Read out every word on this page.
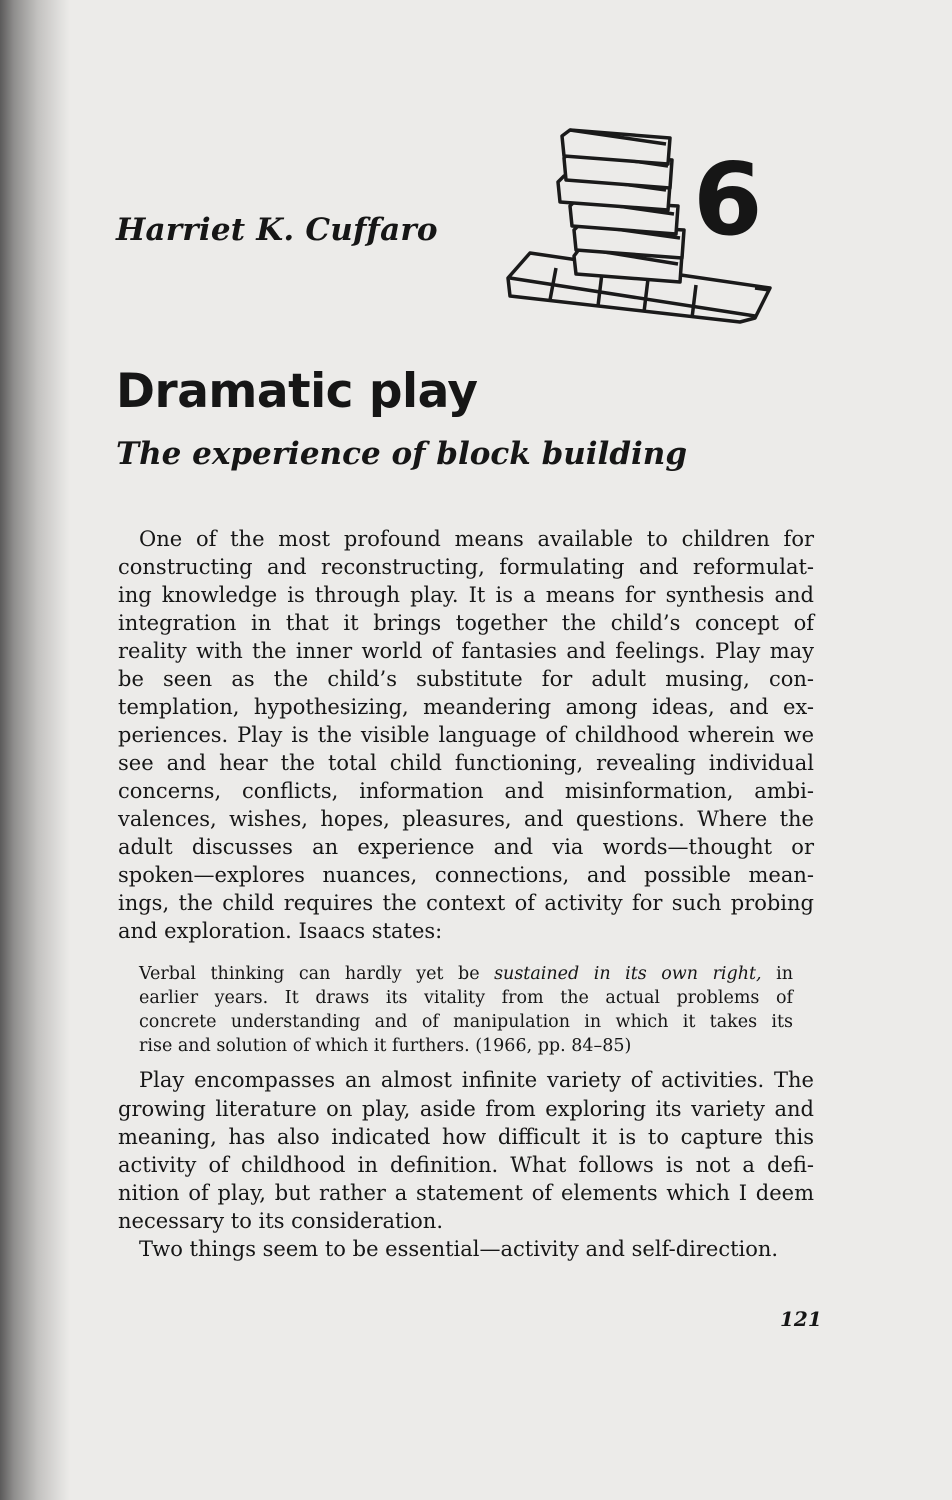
Harriet K. Cuffaro	6
Dramatic play
The experience of block building
One of the most profound means available to children for
constructing and reconstructing, formulating and reformulat-
ing knowledge is through play. It is a means for synthesis and
integration in that it brings together the child’s concept of
reality with the inner world of fantasies and feelings. Play may
be seen as the child’s substitute for adult musing, con-
templation, hypothesizing, meandering among ideas, and ex-
periences. Play is the visible language of childhood wherein we
see and hear the total child functioning, revealing individual
concerns, conflicts, information and misinformation, ambi-
valences, wishes, hopes, pleasures, and questions. Where the
adult discusses an experience and via words—thought or
spoken—explores nuances, connections, and possible mean-
ings, the child requires the context of activity for such probing
and exploration. Isaacs states:
Verbal thinking can hardly yet be sustained in its own right, in
earlier years. It draws its vitality from the actual problems of
concrete understanding and of manipulation in which it takes its
rise and solution of which it furthers. (1966, pp. 84–85)
Play encompasses an almost infinite variety of activities. The
growing literature on play, aside from exploring its variety and
meaning, has also indicated how difficult it is to capture this
activity of childhood in definition. What follows is not a defi-
nition of play, but rather a statement of elements which I deem
necessary to its consideration.
Two things seem to be essential—activity and self-direction.
121
